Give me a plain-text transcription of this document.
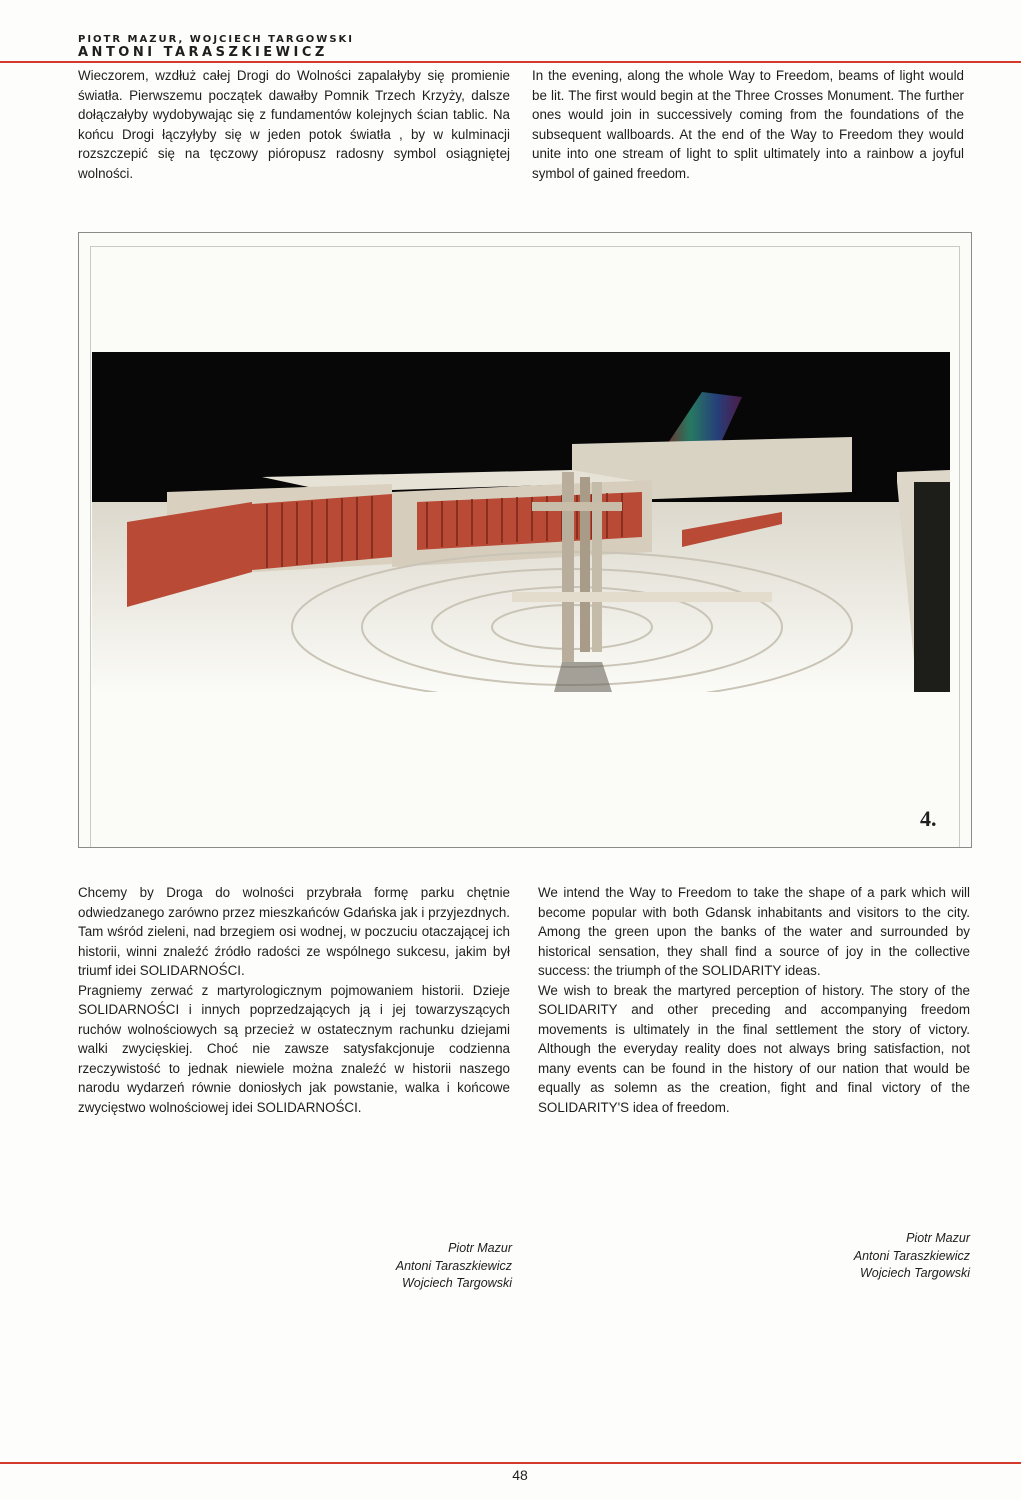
PIOTR MAZUR, WOJCIECH TARGOWSKI
ANTONI TARASZKIEWICZ

Wieczorem, wzdłuż całej Drogi do Wolności zapalałyby się promienie światła. Pierwszemu początek dawałby Pomnik Trzech Krzyży, dalsze dołączałyby wydobywając się z fundamentów kolejnych ścian tablic. Na końcu Drogi łączyłyby się w jeden potok światła , by w kulminacji rozszczepić się na tęczowy pióropusz radosny symbol osiągniętej wolności.

In the evening, along the whole Way to Freedom, beams of light would be lit. The first would begin at the Three Crosses Monument. The further ones would join in successively coming from the foundations of the subsequent wallboards. At the end of the Way to Freedom they would unite into one stream of light to split ultimately into a rainbow a joyful symbol of gained freedom.

4.

Chcemy by Droga do wolności przybrała formę parku chętnie odwiedzanego zarówno przez mieszkańców Gdańska jak i przyjezdnych. Tam wśród zieleni, nad brzegiem osi wodnej, w poczuciu otaczającej ich historii, winni znaleźć źródło radości ze wspólnego sukcesu, jakim był triumf idei SOLIDARNOŚCI.

Pragniemy zerwać z martyrologicznym pojmowaniem historii. Dzieje SOLIDARNOŚCI i innych poprzedzających ją i jej towarzyszących ruchów wolnościowych są przecież w ostatecznym rachunku dziejami walki zwycięskiej. Choć nie zawsze satysfakcjonuje codzienna rzeczywistość to jednak niewiele można znaleźć w historii naszego narodu wydarzeń równie doniosłych jak powstanie, walka i końcowe zwycięstwo wolnościowej idei SOLIDARNOŚCI.

We intend the Way to Freedom to take the shape of a park which will become popular with both Gdansk inhabitants and visitors to the city. Among the green upon the banks of the water and surrounded by historical sensation, they shall find a source of joy in the collective success: the triumph of the SOLIDARITY ideas.

We wish to break the martyred perception of history. The story of the SOLIDARITY and other preceding and accompanying freedom movements is ultimately in the final settlement the story of victory. Although the everyday reality does not always bring satisfaction, not many events can be found in the history of our nation that would be equally as solemn as the creation, fight and final victory of the SOLIDARITY'S idea of freedom.

Piotr Mazur
Antoni Taraszkiewicz
Wojciech Targowski
Piotr Mazur
Antoni Taraszkiewicz
Wojciech Targowski
48
